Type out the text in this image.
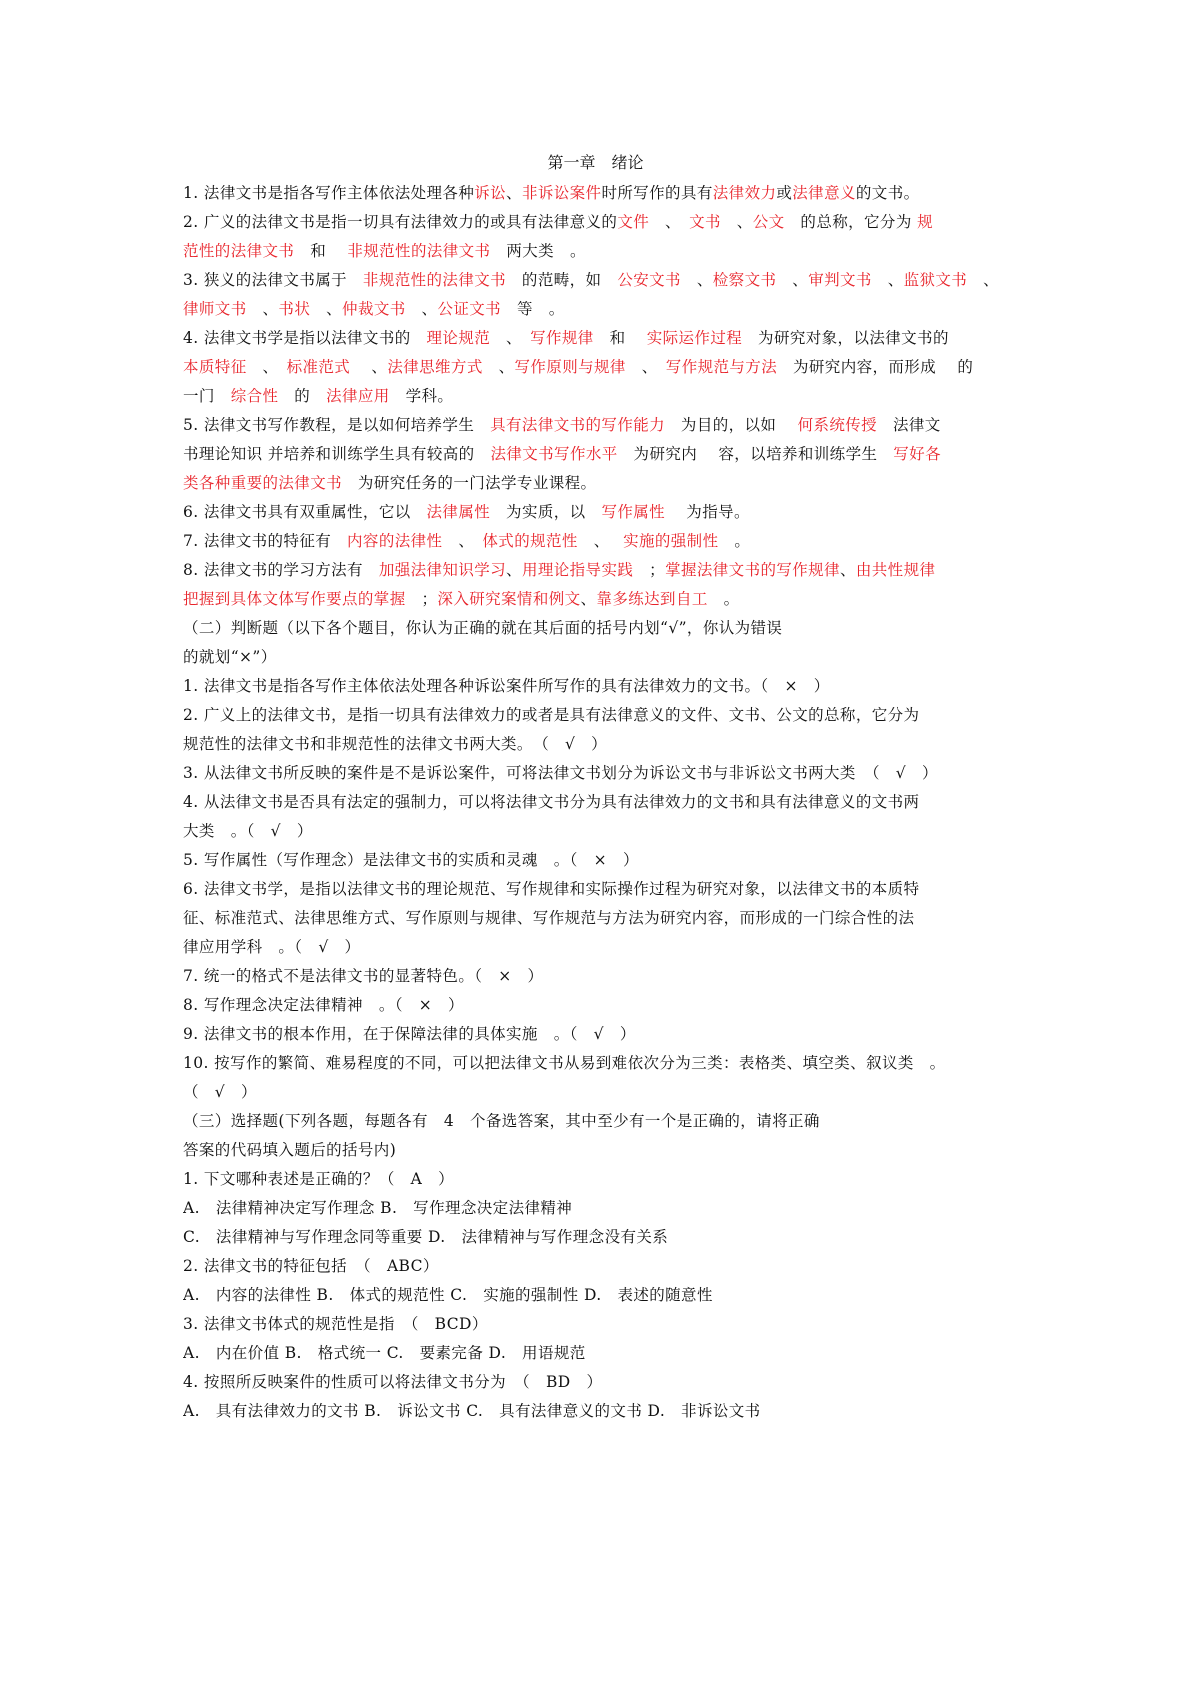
第一章　绪论
1. 法律文书是指各写作主体依法处理各种诉讼、非诉讼案件时所写作的具有法律效力或法律意义的文书。
2. 广义的法律文书是指一切具有法律效力的或具有法律意义的文件　、　文书　、公文　的总称，它分为 规
范性的法律文书　和　 非规范性的法律文书　两大类　。
3. 狭义的法律文书属于　非规范性的法律文书　的范畴，如　公安文书　、检察文书　、审判文书　、监狱文书　、
律师文书　、书状　、仲裁文书　、公证文书　等　。
4. 法律文书学是指以法律文书的　理论规范　、　写作规律　和　 实际运作过程　为研究对象，以法律文书的
本质特征　、　标准范式　 、法律思维方式　、写作原则与规律　、　写作规范与方法　为研究内容，而形成　 的
一门　综合性　的　法律应用　学科。
5. 法律文书写作教程，是以如何培养学生　具有法律文书的写作能力　为目的，以如　 何系统传授　法律文
书理论知识 并培养和训练学生具有较高的　法律文书写作水平　为研究内　 容，以培养和训练学生　写好各
类各种重要的法律文书　为研究任务的一门法学专业课程。
6. 法律文书具有双重属性，它以　法律属性　为实质，以　写作属性　 为指导。
7. 法律文书的特征有　内容的法律性　、　体式的规范性　、　 实施的强制性　。
8. 法律文书的学习方法有　加强法律知识学习、用理论指导实践　；掌握法律文书的写作规律、由共性规律
把握到具体文体写作要点的掌握　；深入研究案情和例文、靠多练达到自工　。
（二）判断题（以下各个题目，你认为正确的就在其后面的括号内划“√”，你认为错误
的就划“×”）
1. 法律文书是指各写作主体依法处理各种诉讼案件所写作的具有法律效力的文书。（　×　）
2. 广义上的法律文书，是指一切具有法律效力的或者是具有法律意义的文件、文书、公文的总称，它分为
规范性的法律文书和非规范性的法律文书两大类。　（　√　）
3. 从法律文书所反映的案件是不是诉讼案件，可将法律文书划分为诉讼文书与非诉讼文书两大类　（　√　）
4. 从法律文书是否具有法定的强制力，可以将法律文书分为具有法律效力的文书和具有法律意义的文书两
大类　。（　√　）
5. 写作属性（写作理念）是法律文书的实质和灵魂　。（　×　）
6. 法律文书学，是指以法律文书的理论规范、写作规律和实际操作过程为研究对象，以法律文书的本质特
征、标准范式、法律思维方式、写作原则与规律、写作规范与方法为研究内容，而形成的一门综合性的法
律应用学科　。（　√　）
7. 统一的格式不是法律文书的显著特色。（　×　）
8. 写作理念决定法律精神　。（　×　）
9. 法律文书的根本作用，在于保障法律的具体实施　。（　√　）
10. 按写作的繁简、难易程度的不同，可以把法律文书从易到难依次分为三类：表格类、填空类、叙议类　。
（　√　）
（三）选择题(下列各题，每题各有　4　个备选答案，其中至少有一个是正确的，请将正确
答案的代码填入题后的括号内)
1. 下文哪种表述是正确的？（　A　）
A.　法律精神决定写作理念 B.　写作理念决定法律精神
C.　法律精神与写作理念同等重要 D.　法律精神与写作理念没有关系
2. 法律文书的特征包括　（　ABC）
A.　内容的法律性 B.　体式的规范性 C.　实施的强制性 D.　表述的随意性
3. 法律文书体式的规范性是指　（　BCD）
A.　内在价值 B.　格式统一 C.　要素完备 D.　用语规范
4. 按照所反映案件的性质可以将法律文书分为　（　BD　）
A.　具有法律效力的文书 B.　诉讼文书 C.　具有法律意义的文书 D.　非诉讼文书
